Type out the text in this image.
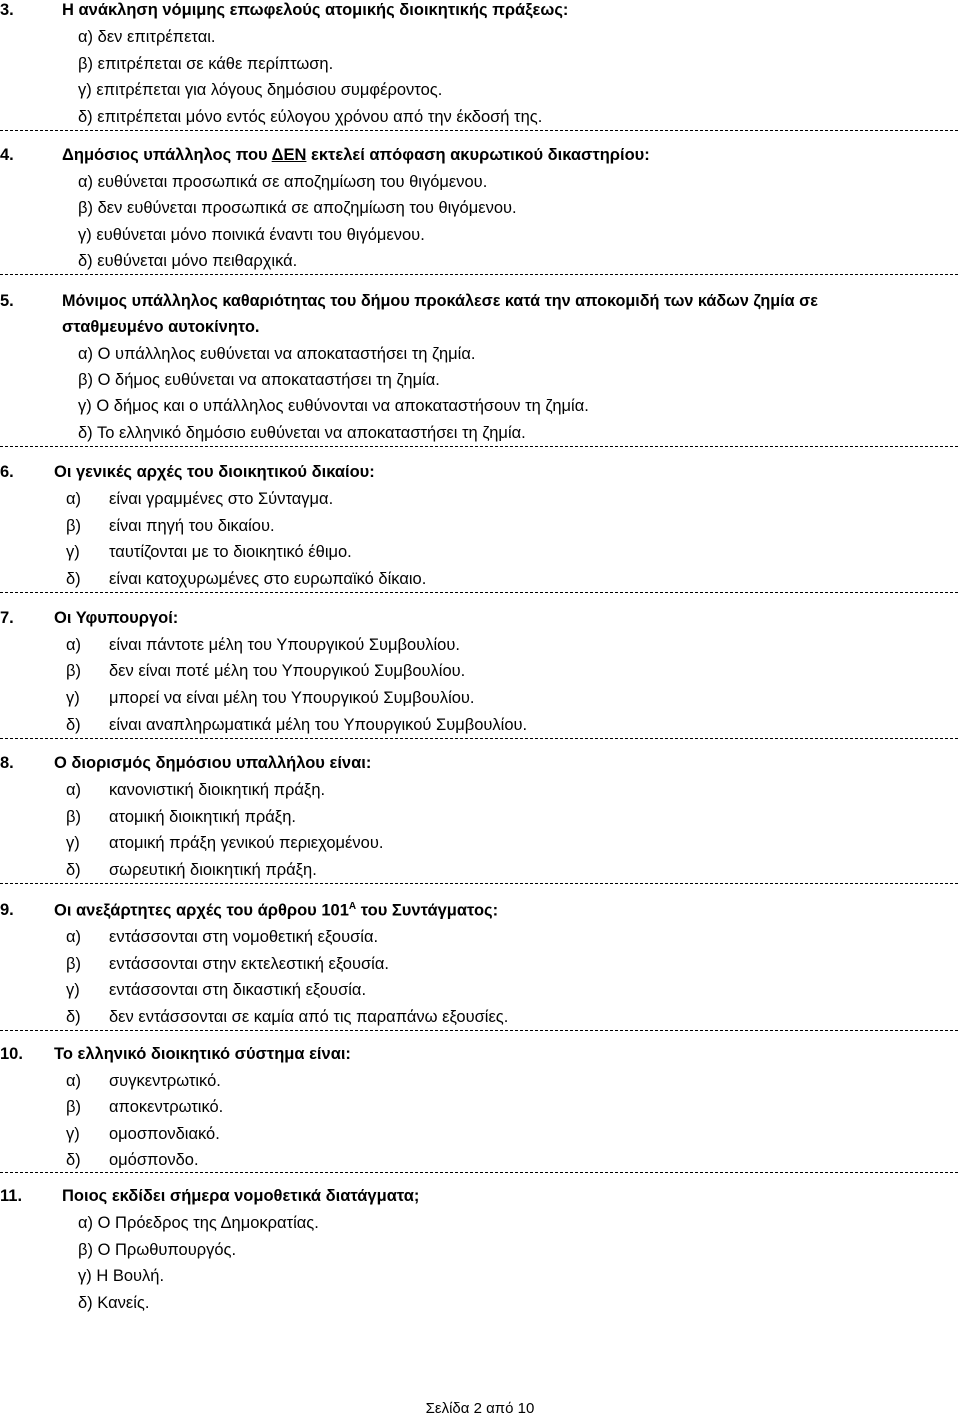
3.	Η ανάκληση νόμιμης επωφελούς ατομικής διοικητικής πράξεως:
α) δεν επιτρέπεται.
β) επιτρέπεται σε κάθε περίπτωση.
γ) επιτρέπεται για λόγους δημόσιου συμφέροντος.
δ) επιτρέπεται μόνο εντός εύλογου χρόνου από την έκδοσή της.
4.	Δημόσιος υπάλληλος που ΔΕΝ εκτελεί απόφαση ακυρωτικού δικαστηρίου:
α) ευθύνεται προσωπικά σε αποζημίωση του θιγόμενου.
β) δεν ευθύνεται προσωπικά σε αποζημίωση του θιγόμενου.
γ) ευθύνεται μόνο ποινικά έναντι του θιγόμενου.
δ) ευθύνεται μόνο πειθαρχικά.
5.	Μόνιμος υπάλληλος καθαριότητας του δήμου προκάλεσε κατά την αποκομιδή των κάδων ζημία σε
σταθμευμένο αυτοκίνητο.
α) Ο υπάλληλος ευθύνεται να αποκαταστήσει τη ζημία.
β) Ο δήμος ευθύνεται να αποκαταστήσει τη ζημία.
γ) Ο δήμος και ο υπάλληλος ευθύνονται να αποκαταστήσουν τη ζημία.
δ) Το ελληνικό δημόσιο ευθύνεται να αποκαταστήσει τη ζημία.
6. Οι γενικές αρχές του διοικητικού δικαίου:
α) είναι γραμμένες στο Σύνταγμα.
β) είναι πηγή του δικαίου.
γ) ταυτίζονται με το διοικητικό έθιμο.
δ) είναι κατοχυρωμένες στο ευρωπαϊκό δίκαιο.
7. Οι Υφυπουργοί:
α) είναι πάντοτε μέλη του Υπουργικού Συμβουλίου.
β) δεν είναι ποτέ μέλη του Υπουργικού Συμβουλίου.
γ) μπορεί να είναι μέλη του Υπουργικού Συμβουλίου.
δ) είναι αναπληρωματικά μέλη του Υπουργικού Συμβουλίου.
8. Ο διορισμός δημόσιου υπαλλήλου είναι:
α) κανονιστική διοικητική πράξη.
β) ατομική διοικητική πράξη.
γ) ατομική πράξη γενικού περιεχομένου.
δ) σωρευτική διοικητική πράξη.
9. Οι ανεξάρτητες αρχές του άρθρου $101^A$ του Συντάγματος:
α) εντάσσονται στη νομοθετική εξουσία.
β) εντάσσονται στην εκτελεστική εξουσία.
γ) εντάσσονται στη δικαστική εξουσία.
δ) δεν εντάσσονται σε καμία από τις παραπάνω εξουσίες.
10. Το ελληνικό διοικητικό σύστημα είναι:
α) συγκεντρωτικό.
β) αποκεντρωτικό.
γ) ομοσπονδιακό.
δ) ομόσπονδο.
11. Ποιος εκδίδει σήμερα νομοθετικά διατάγματα;
α) Ο Πρόεδρος της Δημοκρατίας.
β) Ο Πρωθυπουργός.
γ) Η Βουλή.
δ) Κανείς.
Σελίδα 2 από 10
